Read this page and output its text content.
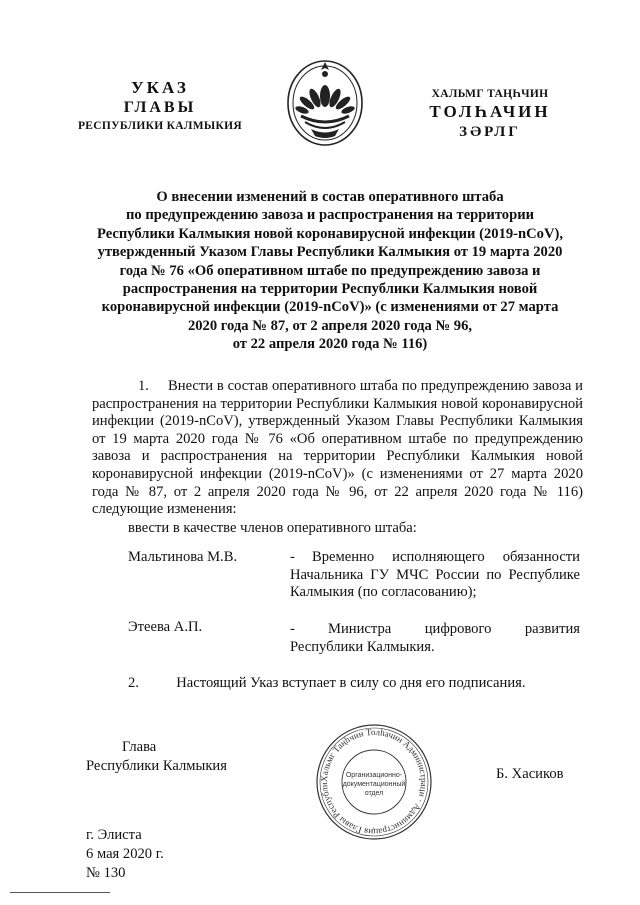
УКАЗ
ГЛАВЫ
РЕСПУБЛИКИ КАЛМЫКИЯ
ХАЛЬМГ ТАҢҺЧИН
ТОЛҺАЧИН
ЗӘРЛГ
О внесении изменений в состав оперативного штаба
по предупреждению завоза и распространения на территории
Республики Калмыкия новой коронавирусной инфекции (2019-nCoV),
утвержденный Указом Главы Республики Калмыкия от 19 марта 2020
года № 76 «Об оперативном штабе по предупреждению завоза и
распространения на территории Республики Калмыкия новой
коронавирусной инфекции (2019-nCoV)» (с изменениями от 27 марта
2020 года № 87, от 2 апреля 2020 года № 96,
от 22 апреля 2020 года № 116)
1. Внести в состав оперативного штаба по предупреждению завоза и распространения на территории Республики Калмыкия новой коронавирусной инфекции (2019-nCoV), утвержденный Указом Главы Республики Калмыкия от 19 марта 2020 года № 76 «Об оперативном штабе по предупреждению завоза и распространения на территории Республики Калмыкия новой коронавирусной инфекции (2019-nCoV)» (с изменениями от 27 марта 2020 года № 87, от 2 апреля 2020 года № 96, от 22 апреля 2020 года № 116) следующие изменения:
ввести в качестве членов оперативного штаба:
Мальтинова М.В.	-	Временно исполняющего обязанности Начальника ГУ МЧС России по Республике Калмыкия (по согласованию);
Этеева А.П.	-	Министра цифрового развития Республики Калмыкия.
2.	Настоящий Указ вступает в силу со дня его подписания.
Глава
Республики Калмыкия	Б. Хасиков
Хальмг Таңһчин Толһачин Администраци · Администрация Главы Республи
Организационно-
документационный
отдел
г. Элиста
6 мая 2020 г.
№ 130
